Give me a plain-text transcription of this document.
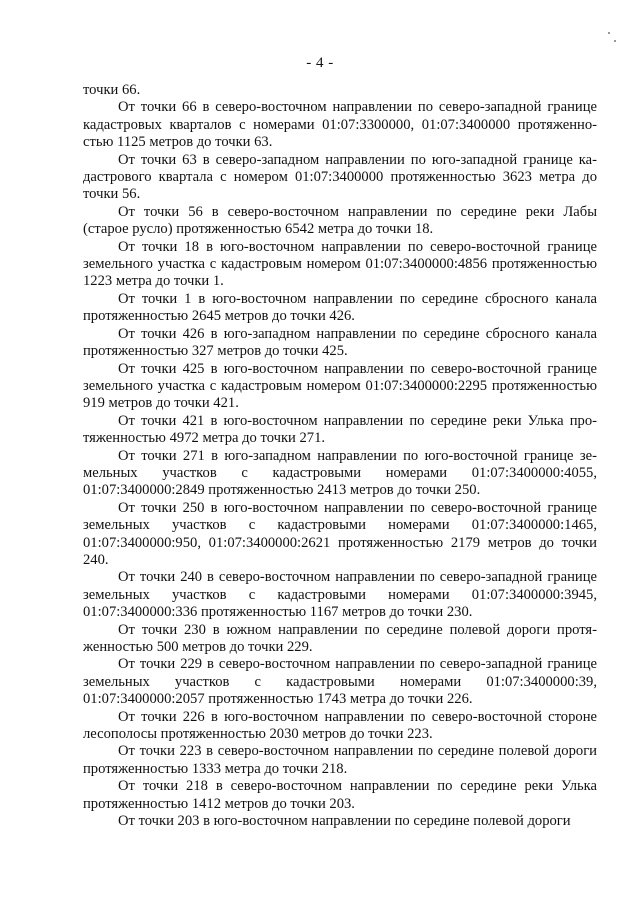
- 4 -

точки 66.

От точки 66 в северо-восточном направлении по северо-западной границе кадастровых кварталов с номерами 01:07:3300000, 01:07:3400000 протяженностью 1125 метров до точки 63.

От точки 63 в северо-западном направлении по юго-западной границе кадастрового квартала с номером 01:07:3400000 протяженностью 3623 метра до точки 56.

От точки 56 в северо-восточном направлении по середине реки Лабы (старое русло) протяженностью 6542 метра до точки 18.

От точки 18 в юго-восточном направлении по северо-восточной границе земельного участка с кадастровым номером 01:07:3400000:4856 протяженностью 1223 метра до точки 1.

От точки 1 в юго-восточном направлении по середине сбросного канала протяженностью 2645 метров до точки 426.

От точки 426 в юго-западном направлении по середине сбросного канала протяженностью 327 метров до точки 425.

От точки 425 в юго-восточном направлении по северо-восточной границе земельного участка с кадастровым номером 01:07:3400000:2295 протяженностью 919 метров до точки 421.

От точки 421 в юго-восточном направлении по середине реки Улька протяженностью 4972 метра до точки 271.

От точки 271 в юго-западном направлении по юго-восточной границе земельных участков с кадастровыми номерами 01:07:3400000:4055, 01:07:3400000:2849 протяженностью 2413 метров до точки 250.

От точки 250 в юго-восточном направлении по северо-восточной границе земельных участков с кадастровыми номерами 01:07:3400000:1465, 01:07:3400000:950, 01:07:3400000:2621 протяженностью 2179 метров до точки 240.

От точки 240 в северо-восточном направлении по северо-западной границе земельных участков с кадастровыми номерами 01:07:3400000:3945, 01:07:3400000:336 протяженностью 1167 метров до точки 230.

От точки 230 в южном направлении по середине полевой дороги протяженностью 500 метров до точки 229.

От точки 229 в северо-восточном направлении по северо-западной границе земельных участков с кадастровыми номерами 01:07:3400000:39, 01:07:3400000:2057 протяженностью 1743 метра до точки 226.

От точки 226 в юго-восточном направлении по северо-восточной стороне лесополосы протяженностью 2030 метров до точки 223.

От точки 223 в северо-восточном направлении по середине полевой дороги протяженностью 1333 метра до точки 218.

От точки 218 в северо-восточном направлении по середине реки Улька протяженностью 1412 метров до точки 203.

От точки 203 в юго-восточном направлении по середине полевой дороги
